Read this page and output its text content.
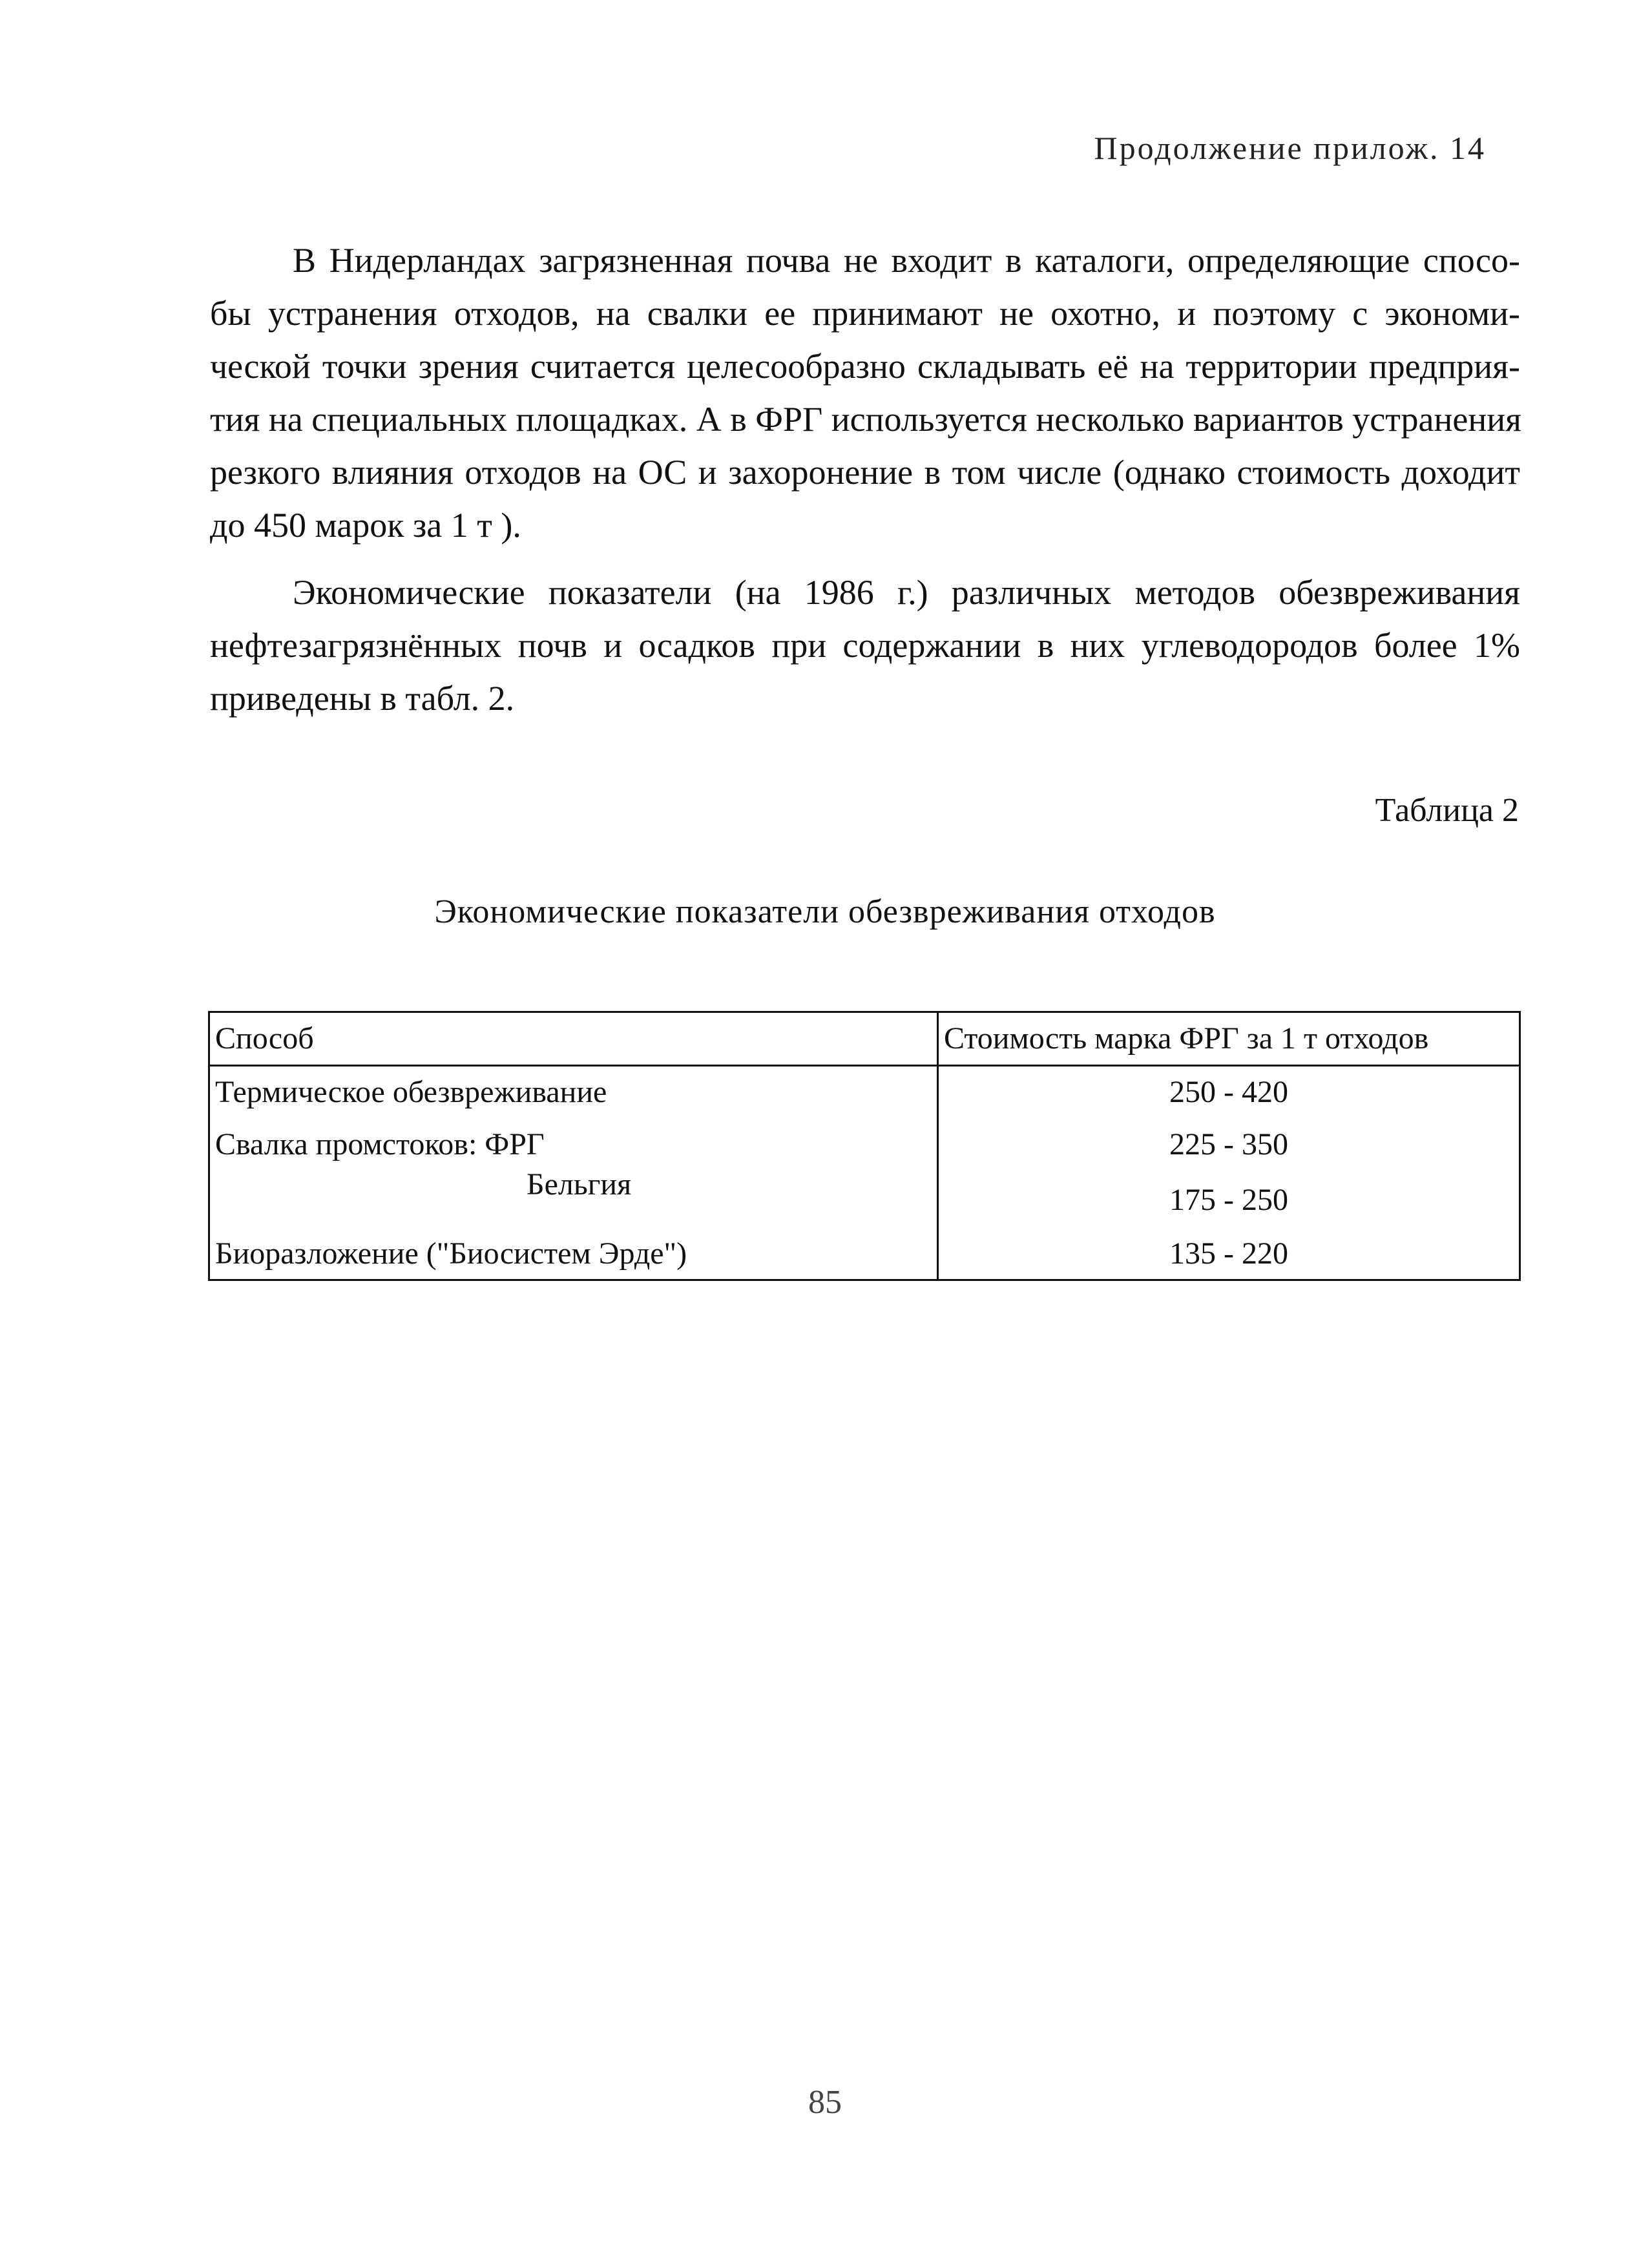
Продолжение прилож. 14
В Нидерландах загрязненная почва не входит в каталоги, определяющие спосо-
бы устранения отходов, на свалки ее принимают не охотно, и поэтому с экономи-
ческой точки зрения считается целесообразно складывать её на территории предприя-
тия на специальных площадках. А в ФРГ используется несколько вариантов устранения
резкого влияния отходов на ОС и захоронение в том числе (однако стоимость доходит
до 450 марок за 1 т ).
Экономические показатели (на 1986 г.) различных методов обезвреживания
нефтезагрязнённых почв и осадков при содержании в них углеводородов более 1%
приведены в табл. 2.
Таблица 2
Экономические показатели обезвреживания отходов
Способ	Стоимость марка ФРГ за 1 т отходов
Термическое обезвреживание	250 - 420
Свалка промстоков: ФРГ	225 - 350
Бельгия	175 - 250
Биоразложение ("Биосистем Эрде")	135 - 220
85
